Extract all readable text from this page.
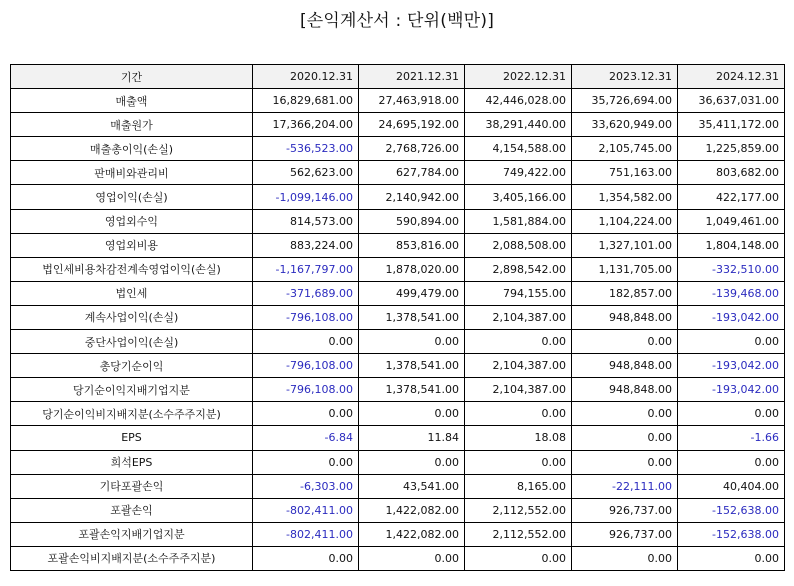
[손익계산서 : 단위(백만)]
기간	2020.12.31	2021.12.31	2022.12.31	2023.12.31	2024.12.31
매출액	16,829,681.00	27,463,918.00	42,446,028.00	35,726,694.00	36,637,031.00
매출원가	17,366,204.00	24,695,192.00	38,291,440.00	33,620,949.00	35,411,172.00
매출총이익(손실)	-536,523.00	2,768,726.00	4,154,588.00	2,105,745.00	1,225,859.00
판매비와관리비	562,623.00	627,784.00	749,422.00	751,163.00	803,682.00
영업이익(손실)	-1,099,146.00	2,140,942.00	3,405,166.00	1,354,582.00	422,177.00
영업외수익	814,573.00	590,894.00	1,581,884.00	1,104,224.00	1,049,461.00
영업외비용	883,224.00	853,816.00	2,088,508.00	1,327,101.00	1,804,148.00
법인세비용차감전계속영업이익(손실)	-1,167,797.00	1,878,020.00	2,898,542.00	1,131,705.00	-332,510.00
법인세	-371,689.00	499,479.00	794,155.00	182,857.00	-139,468.00
계속사업이익(손실)	-796,108.00	1,378,541.00	2,104,387.00	948,848.00	-193,042.00
중단사업이익(손실)	0.00	0.00	0.00	0.00	0.00
총당기순이익	-796,108.00	1,378,541.00	2,104,387.00	948,848.00	-193,042.00
당기순이익지배기업지분	-796,108.00	1,378,541.00	2,104,387.00	948,848.00	-193,042.00
당기순이익비지배지분(소수주주지분)	0.00	0.00	0.00	0.00	0.00
EPS	-6.84	11.84	18.08	0.00	-1.66
희석EPS	0.00	0.00	0.00	0.00	0.00
기타포괄손익	-6,303.00	43,541.00	8,165.00	-22,111.00	40,404.00
포괄손익	-802,411.00	1,422,082.00	2,112,552.00	926,737.00	-152,638.00
포괄손익지배기업지분	-802,411.00	1,422,082.00	2,112,552.00	926,737.00	-152,638.00
포괄손익비지배지분(소수주주지분)	0.00	0.00	0.00	0.00	0.00
